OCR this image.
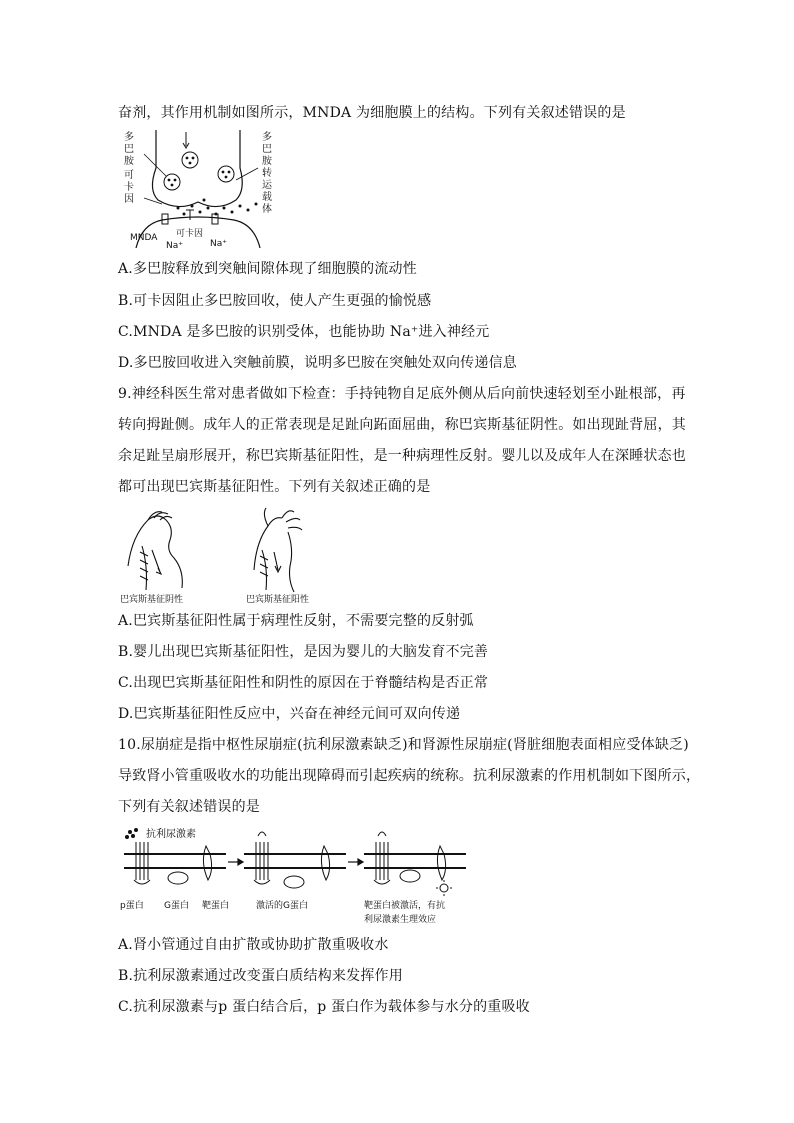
奋剂，其作用机制如图所示，MNDA 为细胞膜上的结构。下列有关叙述错误的是
多
巴
胺
可
卡
因
多
巴
胺
转
运
载
体
MNDA
Na⁺
可卡因
Na⁺
A.多巴胺释放到突触间隙体现了细胞膜的流动性
B.可卡因阻止多巴胺回收，使人产生更强的愉悦感
C.MNDA 是多巴胺的识别受体，也能协助 Na⁺进入神经元
D.多巴胺回收进入突触前膜，说明多巴胺在突触处双向传递信息
9.神经科医生常对患者做如下检查：手持钝物自足底外侧从后向前快速轻划至小趾根部，再
转向拇趾侧。成年人的正常表现是足趾向跖面屈曲，称巴宾斯基征阴性。如出现趾背屈，其
余足趾呈扇形展开，称巴宾斯基征阳性，是一种病理性反射。婴儿以及成年人在深睡状态也
都可出现巴宾斯基征阳性。下列有关叙述正确的是
巴宾斯基征阴性	巴宾斯基征阳性
A.巴宾斯基征阳性属于病理性反射，不需要完整的反射弧
B.婴儿出现巴宾斯基征阳性，是因为婴儿的大脑发育不完善
C.出现巴宾斯基征阳性和阴性的原因在于脊髓结构是否正常
D.巴宾斯基征阳性反应中，兴奋在神经元间可双向传递
10.尿崩症是指中枢性尿崩症(抗利尿激素缺乏)和肾源性尿崩症(肾脏细胞表面相应受体缺乏)
导致肾小管重吸收水的功能出现障碍而引起疾病的统称。抗利尿激素的作用机制如下图所示，
下列有关叙述错误的是
抗利尿激素
p蛋白 G蛋白 靶蛋白	激活的G蛋白	靶蛋白被激活，有抗
利尿激素生理效应
A.肾小管通过自由扩散或协助扩散重吸收水
B.抗利尿激素通过改变蛋白质结构来发挥作用
C.抗利尿激素与p 蛋白结合后，p 蛋白作为载体参与水分的重吸收
